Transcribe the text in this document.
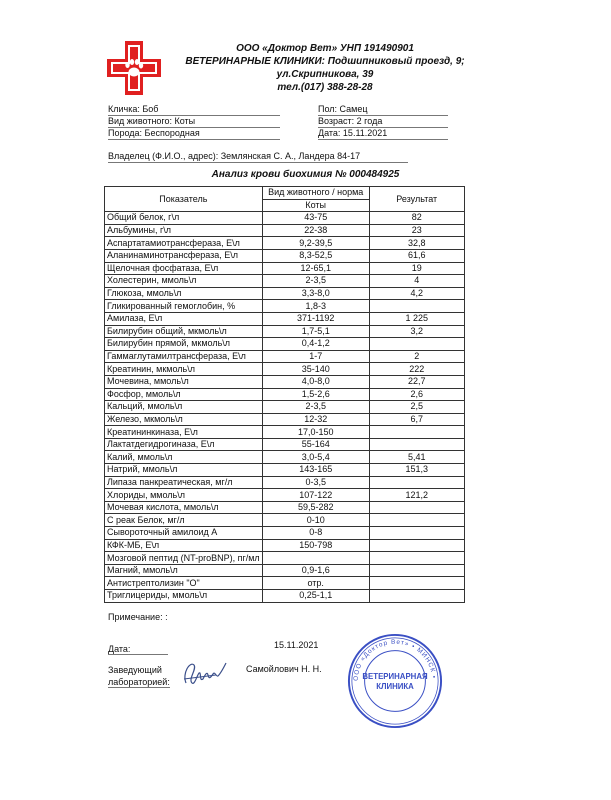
ООО «Доктор Вет» УНП 191490901
ВЕТЕРИНАРНЫЕ КЛИНИКИ: Подшипниковый проезд, 9;
ул.Скрипникова, 39
тел.(017) 388-28-28
Кличка: Боб
Вид животного: Коты
Порода: Беспородная
Пол: Самец
Возраст: 2 года
Дата: 15.11.2021
Владелец (Ф.И.О., адрес): Землянская С. А., Ландера 84-17
Анализ крови биохимия № 000484925
Показатель	Вид животного / норма	Результат
	Коты	
Общий белок, г\л	43-75	82
Альбумины, г\л	22-38	23
Аспартатамиотрансфераза, Е\л	9,2-39,5	32,8
Аланинаминотрансфераза, Е\л	8,3-52,5	61,6
Щелочная фосфатаза, Е\л	12-65,1	19
Холестерин, ммоль\л	2-3,5	4
Глюкоза, ммоль\л	3,3-8,0	4,2
Гликированный гемоглобин, %	1,8-3	
Амилаза, Е\л	371-1192	1 225
Билирубин общий, мкмоль\л	1,7-5,1	3,2
Билирубин прямой, мкмоль\л	0,4-1,2	
Гаммаглутамилтрансфераза, Е\л	1-7	2
Креатинин, мкмоль\л	35-140	222
Мочевина, ммоль\л	4,0-8,0	22,7
Фосфор, ммоль\л	1,5-2,6	2,6
Кальций, ммоль\л	2-3,5	2,5
Железо, мкмоль\л	12-32	6,7
Креатининкиназа, Е\л	17,0-150	
Лактатдегидрогиназа, Е\л	55-164	
Калий, ммоль\л	3,0-5,4	5,41
Натрий, ммоль\л	143-165	151,3
Липаза панкреатическая, мг/л	0-3,5	
Хлориды, ммоль\л	107-122	121,2
Мочевая кислота, ммоль\л	59,5-282	
С реак Белок, мг/л	0-10	
Сывороточный амилоид А	0-8	
КФК-МБ, Е\л	150-798	
Мозговой пептид (NT-proBNP), пг/мл		
Магний, ммоль\л	0,9-1,6	
Антистрептолизин "О"	отр.	
Триглицериды, ммоль\л	0,25-1,1	
Примечание: :
Дата:	15.11.2021
Заведующий
лабораторией:
Самойлович Н. Н.
ООО «Доктор Вет» • МИНСК •
ВЕТЕРИНАРНАЯ
КЛИНИКА
